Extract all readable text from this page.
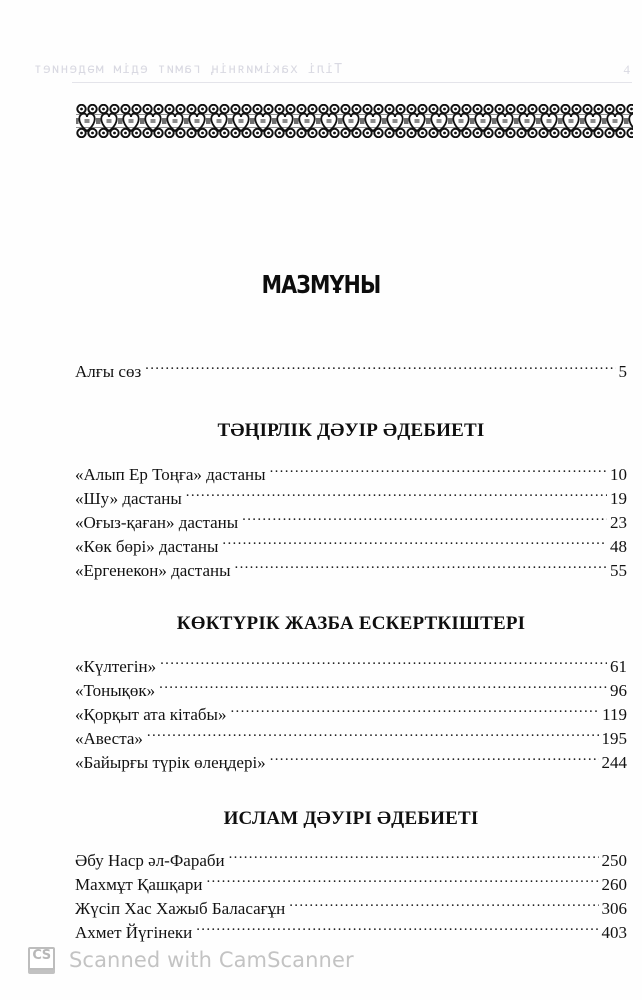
Тілі хакімиянің гамит едім мәдениет	4
МАЗМҰНЫ
Алғы сөз .....	5
ТӘҢІРЛІК ДӘУІР ӘДЕБИЕТІ
«Алып Ер Тоңға» дастаны .....	10
«Шу» дастаны .....	19
«Оғыз-қаған» дастаны .....	23
«Көк бөрі» дастаны .....	48
«Ергенекон» дастаны .....	55
КӨКТҮРІК ЖАЗБА ЕСКЕРТКІШТЕРІ
«Күлтегін» .....	61
«Тонықөк» .....	96
«Қорқыт ата кітабы» .....	119
«Авеста» .....	195
«Байырғы түрік өлеңдері» .....	244
ИСЛАМ ДӘУІРІ ӘДЕБИЕТІ
Әбу Наср әл-Фараби .....	250
Махмұт Қашқари .....	260
Жүсіп Хас Хажыб Баласағұн .....	306
Ахмет Йүгінеки .....	403
CS Scanned with CamScanner
